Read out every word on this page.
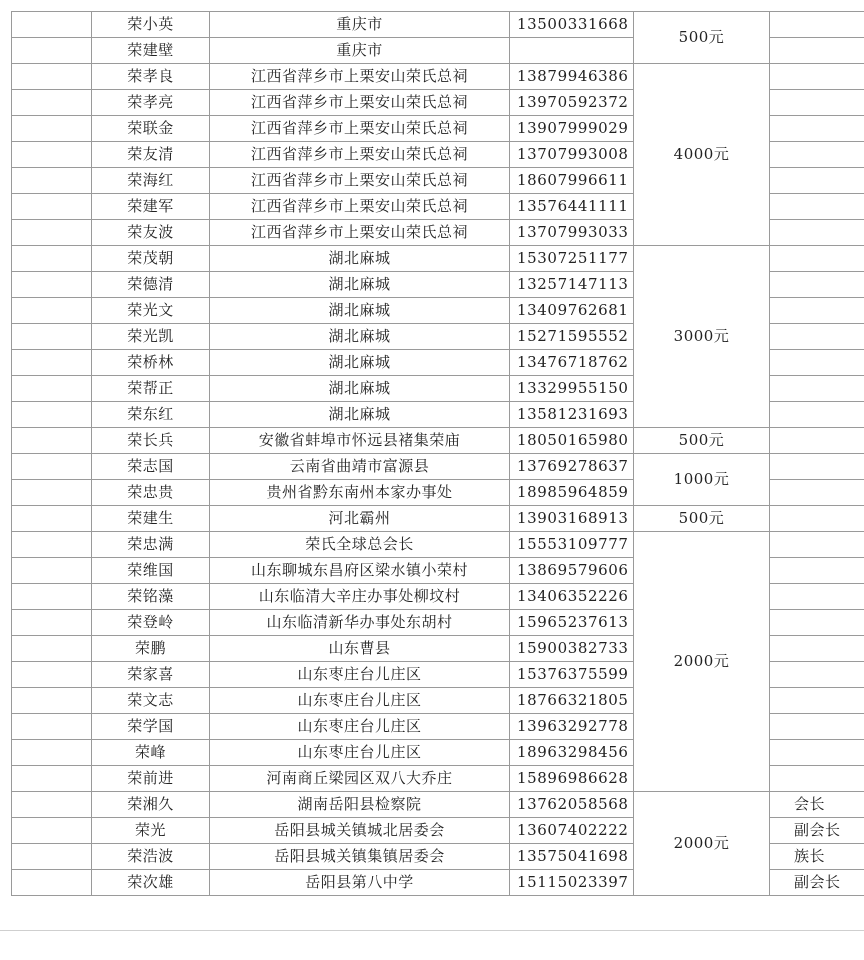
	荣小英	重庆市	13500331668	500元	
	荣建壁	重庆市			
	荣孝良	江西省萍乡市上栗安山荣氏总祠	13879946386	4000元	
	荣孝亮	江西省萍乡市上栗安山荣氏总祠	13970592372		
	荣联金	江西省萍乡市上栗安山荣氏总祠	13907999029		
	荣友清	江西省萍乡市上栗安山荣氏总祠	13707993008		
	荣海红	江西省萍乡市上栗安山荣氏总祠	18607996611		
	荣建军	江西省萍乡市上栗安山荣氏总祠	13576441111		
	荣友波	江西省萍乡市上栗安山荣氏总祠	13707993033		
	荣茂朝	湖北麻城	15307251177	3000元	
	荣德清	湖北麻城	13257147113		
	荣光文	湖北麻城	13409762681		
	荣光凯	湖北麻城	15271595552		
	荣桥林	湖北麻城	13476718762		
	荣帮正	湖北麻城	13329955150		
	荣东红	湖北麻城	13581231693		
	荣长兵	安徽省蚌埠市怀远县褚集荣庙	18050165980	500元	
	荣志国	云南省曲靖市富源县	13769278637	1000元	
	荣忠贵	贵州省黔东南州本家办事处	18985964859		
	荣建生	河北霸州	13903168913	500元	
	荣忠满	荣氏全球总会长	15553109777	2000元	
	荣维国	山东聊城东昌府区梁水镇小荣村	13869579606		
	荣铭藻	山东临清大辛庄办事处柳坟村	13406352226		
	荣登岭	山东临清新华办事处东胡村	15965237613		
	荣鹏	山东曹县	15900382733		
	荣家喜	山东枣庄台儿庄区	15376375599		
	荣文志	山东枣庄台儿庄区	18766321805		
	荣学国	山东枣庄台儿庄区	13963292778		
	荣峰	山东枣庄台儿庄区	18963298456		
	荣前进	河南商丘梁园区双八大乔庄	15896986628		
	荣湘久	湖南岳阳县检察院	13762058568	2000元	会长
	荣光	岳阳县城关镇城北居委会	13607402222		副会长
	荣浩波	岳阳县城关镇集镇居委会	13575041698		族长
	荣次雄	岳阳县第八中学	15115023397		副会长
